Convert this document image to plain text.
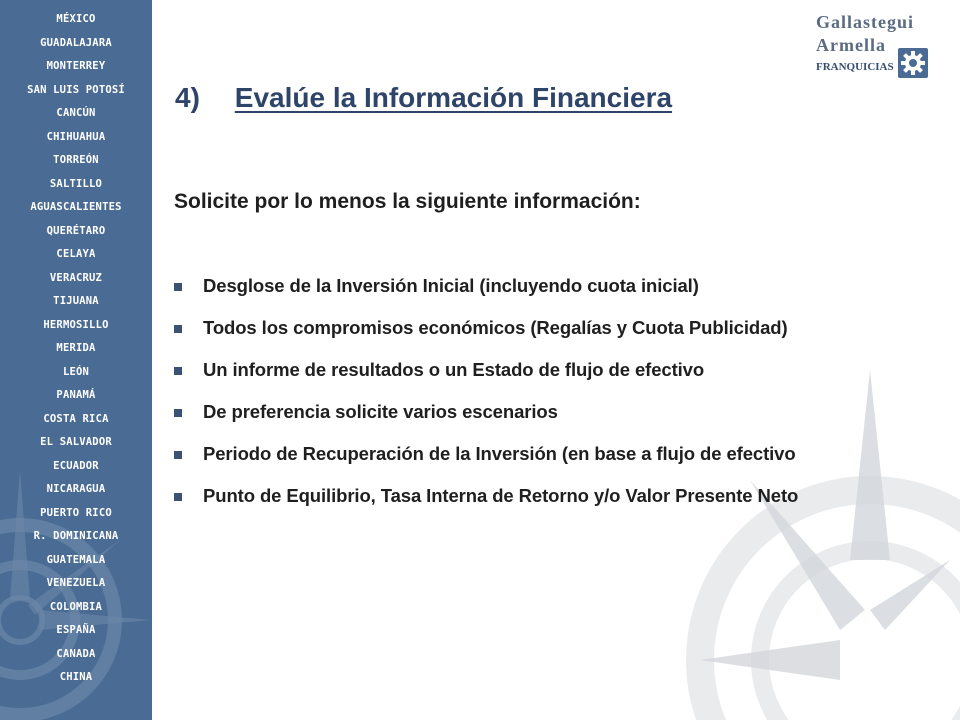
MÉXICO
GUADALAJARA
MONTERREY
SAN LUIS POTOSÍ
CANCÚN
CHIHUAHUA
TORREÓN
SALTILLO
AGUASCALIENTES
QUERÉTARO
CELAYA
VERACRUZ
TIJUANA
HERMOSILLO
MERIDA
LEÓN
PANAMÁ
COSTA RICA
EL SALVADOR
ECUADOR
NICARAGUA
PUERTO RICO
R. DOMINICANA
GUATEMALA
VENEZUELA
COLOMBIA
ESPAÑA
CANADA
CHINA
Gallastegui
Armella
FRANQUICIAS
4) Evalúe la Información Financiera
Solicite por lo menos la siguiente información:
Desglose de la Inversión Inicial (incluyendo cuota inicial)
Todos los compromisos económicos (Regalías y Cuota Publicidad)
Un informe de resultados o un Estado de flujo de efectivo
De preferencia solicite varios escenarios
Periodo de Recuperación de la Inversión (en base a flujo de efectivo
Punto de Equilibrio, Tasa Interna de Retorno y/o Valor Presente Neto
